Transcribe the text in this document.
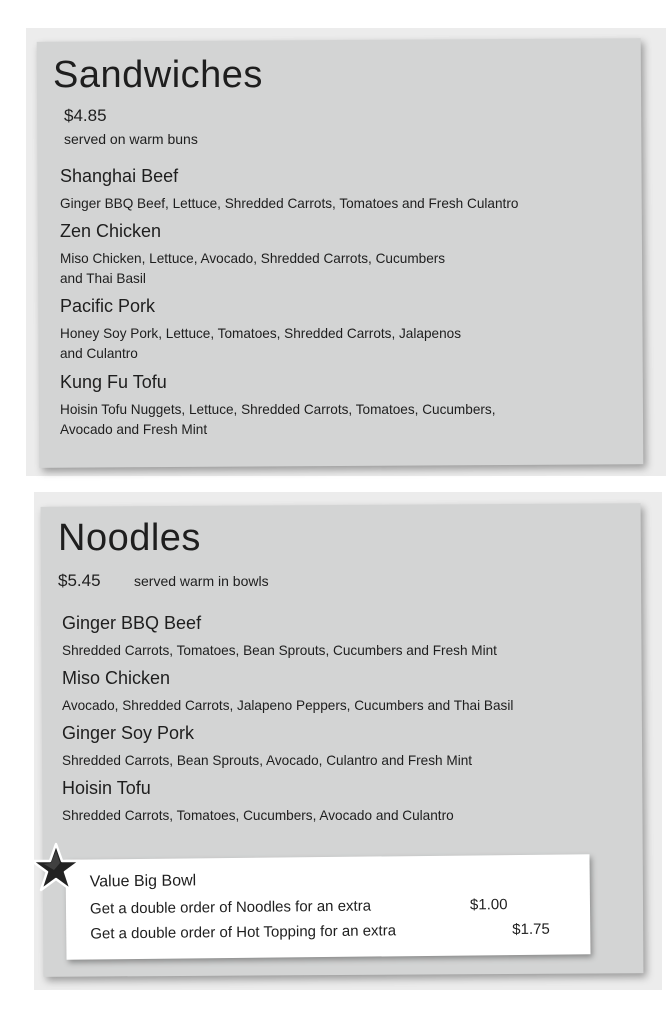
Sandwiches
$4.85
served on warm buns
Shanghai Beef
Ginger BBQ Beef, Lettuce, Shredded Carrots, Tomatoes and Fresh Culantro
Zen Chicken
Miso Chicken, Lettuce, Avocado, Shredded Carrots, Cucumbers
and Thai Basil
Pacific Pork
Honey Soy Pork, Lettuce, Tomatoes, Shredded Carrots, Jalapenos
and Culantro
Kung Fu Tofu
Hoisin Tofu Nuggets, Lettuce, Shredded Carrots, Tomatoes, Cucumbers,
Avocado and Fresh Mint
Noodles
$5.45 served warm in bowls
Ginger BBQ Beef
Shredded Carrots, Tomatoes, Bean Sprouts, Cucumbers and Fresh Mint
Miso Chicken
Avocado, Shredded Carrots, Jalapeno Peppers, Cucumbers and Thai Basil
Ginger Soy Pork
Shredded Carrots, Bean Sprouts, Avocado, Culantro and Fresh Mint
Hoisin Tofu
Shredded Carrots, Tomatoes, Cucumbers, Avocado and Culantro
Value Big Bowl
Get a double order of Noodles for an extra	$1.00
Get a double order of Hot Topping for an extra	$1.75
